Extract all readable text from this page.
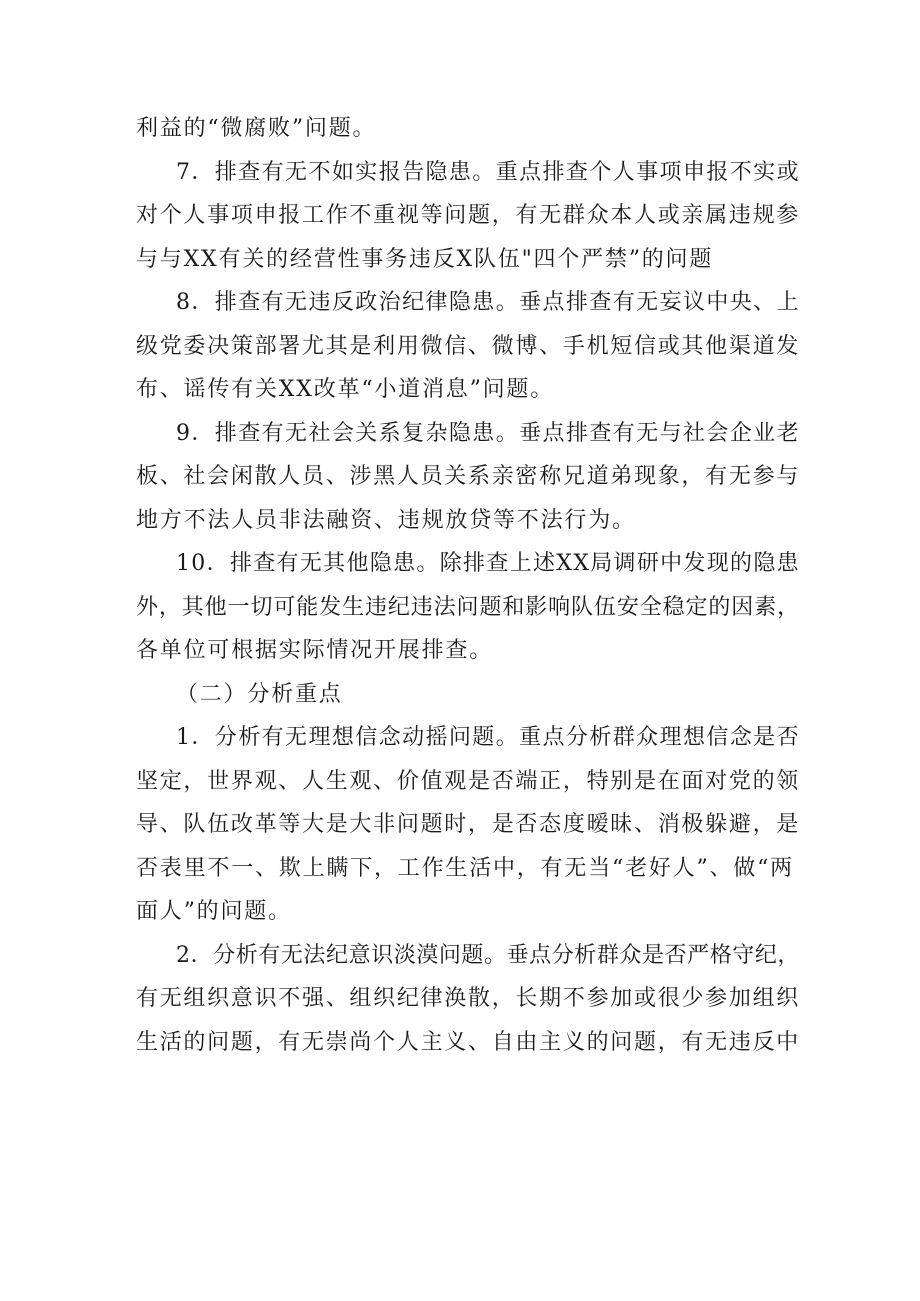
利益的“微腐败”问题。

7．排查有无不如实报告隐患。重点排查个人事项申报不实或
对个人事项申报工作不重视等问题，有无群众本人或亲属违规参
与与XX有关的经营性事务违反X队伍"四个严禁”的问题

8．排查有无违反政治纪律隐患。垂点排查有无妄议中央、上
级党委决策部署尤其是利用微信、微博、手机短信或其他渠道发
布、谣传有关XX改革“小道消息”问题。

9．排查有无社会关系复杂隐患。垂点排查有无与社会企业老
板、社会闲散人员、涉黑人员关系亲密称兄道弟现象，有无参与
地方不法人员非法融资、违规放贷等不法行为。

10．排查有无其他隐患。除排查上述XX局调研中发现的隐患
外，其他一切可能发生违纪违法问题和影响队伍安全稳定的因素，
各单位可根据实际情况开展排查。

（二）分析重点

1．分析有无理想信念动摇问题。重点分析群众理想信念是否
坚定，世界观、人生观、价值观是否端正，特别是在面对党的领
导、队伍改革等大是大非问题时，是否态度暧昧、消极躲避，是
否表里不一、欺上瞒下，工作生活中，有无当“老好人”、做“两
面人”的问题。

2．分析有无法纪意识淡漠问题。垂点分析群众是否严格守纪，
有无组织意识不强、组织纪律涣散，长期不参加或很少参加组织
生活的问题，有无崇尚个人主义、自由主义的问题，有无违反中
